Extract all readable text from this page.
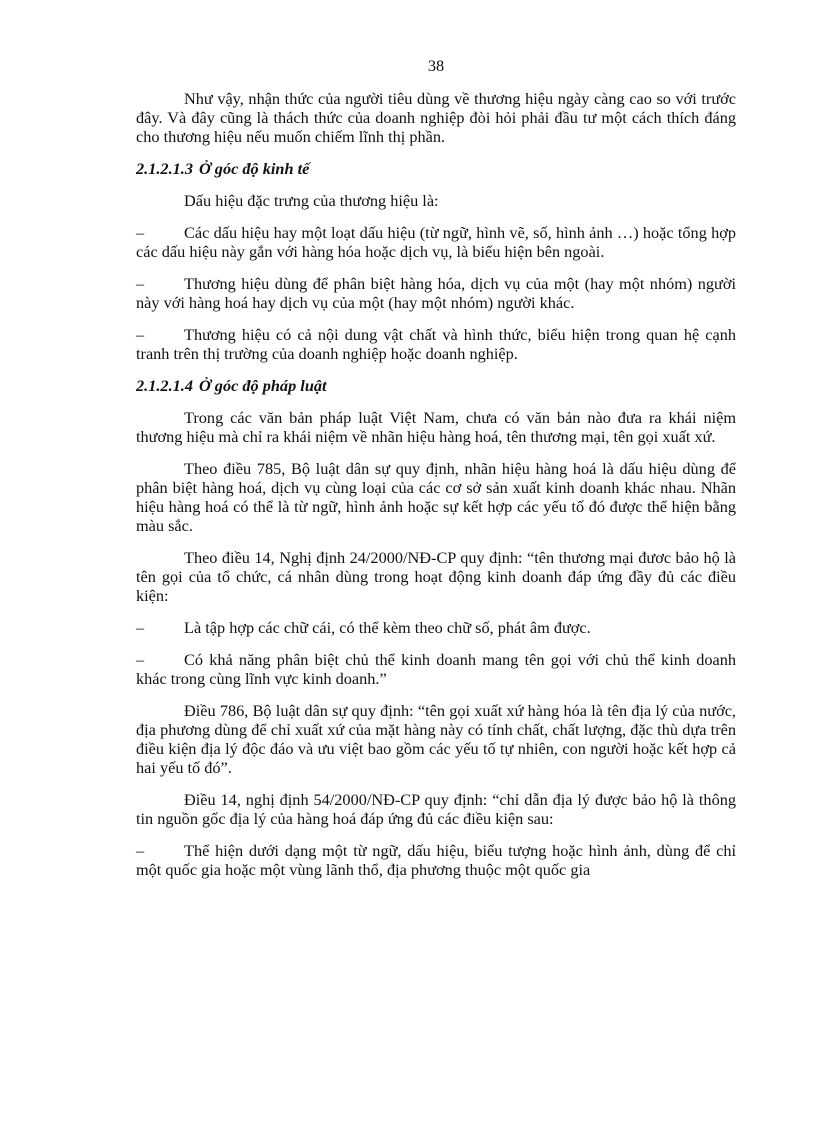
38

Như vậy, nhận thức của người tiêu dùng về thương hiệu ngày càng cao so với trước đây. Và đây cũng là thách thức của doanh nghiệp đòi hỏi phải đầu tư một cách thích đáng cho thương hiệu nếu muốn chiếm lĩnh thị phần.

2.1.2.1.3 Ở góc độ kinh tế

Dấu hiệu đặc trưng của thương hiệu là:

– Các dấu hiệu hay một loạt dấu hiệu (từ ngữ, hình vẽ, số, hình ảnh …) hoặc tổng hợp các dấu hiệu này gắn với hàng hóa hoặc dịch vụ, là biểu hiện bên ngoài.

– Thương hiệu dùng để phân biệt hàng hóa, dịch vụ của một (hay một nhóm) người này với hàng hoá hay dịch vụ của một (hay một nhóm) người khác.

– Thương hiệu có cả nội dung vật chất và hình thức, biểu hiện trong quan hệ cạnh tranh trên thị trường của doanh nghiệp hoặc doanh nghiệp.

2.1.2.1.4 Ở góc độ pháp luật

Trong các văn bản pháp luật Việt Nam, chưa có văn bản nào đưa ra khái niệm thương hiệu mà chỉ ra khái niệm về nhãn hiệu hàng hoá, tên thương mại, tên gọi xuất xứ.

Theo điều 785, Bộ luật dân sự quy định, nhãn hiệu hàng hoá là dấu hiệu dùng để phân biệt hàng hoá, dịch vụ cùng loại của các cơ sở sản xuất kinh doanh khác nhau. Nhãn hiệu hàng hoá có thể là từ ngữ, hình ảnh hoặc sự kết hợp các yếu tố đó được thể hiện bằng màu sắc.

Theo điều 14, Nghị định 24/2000/NĐ-CP quy định: “tên thương mại đươc bảo hộ là tên gọi của tổ chức, cá nhân dùng trong hoạt động kinh doanh đáp ứng đầy đủ các điều kiện:

– Là tập hợp các chữ cái, có thể kèm theo chữ số, phát âm được.

– Có khả năng phân biệt chủ thể kinh doanh mang tên gọi với chủ thể kinh doanh khác trong cùng lĩnh vực kinh doanh.”

Điều 786, Bộ luật dân sự quy định: “tên gọi xuất xứ hàng hóa là tên địa lý của nước, địa phương dùng để chỉ xuất xứ của mặt hàng này có tính chất, chất lượng, đặc thù dựa trên điều kiện địa lý độc đáo và ưu việt bao gồm các yếu tố tự nhiên, con người hoặc kết hợp cả hai yếu tố đó”.

Điều 14, nghị định 54/2000/NĐ-CP quy định: “chỉ dẫn địa lý được bảo hộ là thông tin nguồn gốc địa lý của hàng hoá đáp ứng đủ các điều kiện sau:

– Thể hiện dưới dạng một từ ngữ, dấu hiệu, biểu tượng hoặc hình ảnh, dùng để chỉ một quốc gia hoặc một vùng lãnh thổ, địa phương thuộc một quốc gia
